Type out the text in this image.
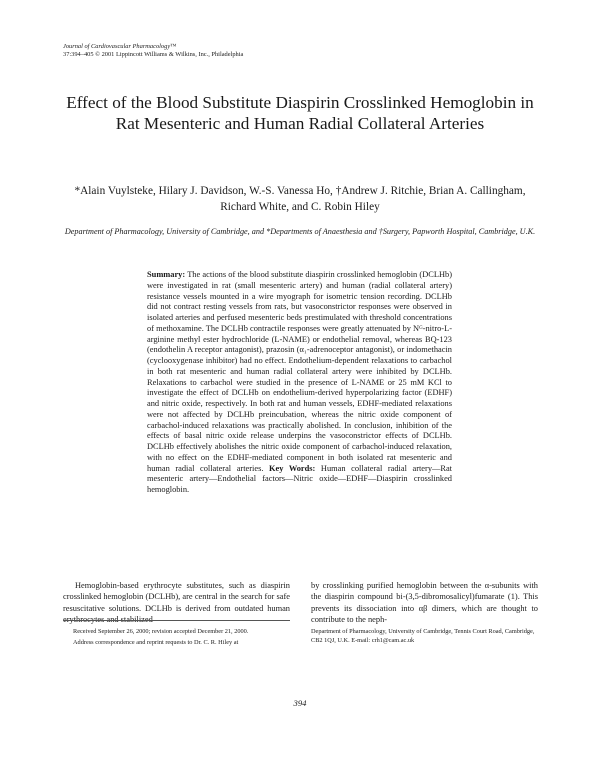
Journal of Cardiovascular Pharmacology™
37:394–405 © 2001 Lippincott Williams & Wilkins, Inc., Philadelphia
Effect of the Blood Substitute Diaspirin Crosslinked Hemoglobin in Rat Mesenteric and Human Radial Collateral Arteries
*Alain Vuylsteke, Hilary J. Davidson, W.-S. Vanessa Ho, †Andrew J. Ritchie, Brian A. Callingham, Richard White, and C. Robin Hiley
Department of Pharmacology, University of Cambridge, and *Departments of Anaesthesia and †Surgery, Papworth Hospital, Cambridge, U.K.
Summary: The actions of the blood substitute diaspirin crosslinked hemoglobin (DCLHb) were investigated in rat (small mesenteric artery) and human (radial collateral artery) resistance vessels mounted in a wire myograph for isometric tension recording. DCLHb did not contract resting vessels from rats, but vasoconstrictor responses were observed in isolated arteries and perfused mesenteric beds prestimulated with threshold concentrations of methoxamine. The DCLHb contractile responses were greatly attenuated by Nᴳ-nitro-L-arginine methyl ester hydrochloride (L-NAME) or endothelial removal, whereas BQ-123 (endothelin A receptor antagonist), prazosin (α₁-adrenoceptor antagonist), or indomethacin (cyclooxygenase inhibitor) had no effect. Endothelium-dependent relaxations to carbachol in both rat mesenteric and human radial collateral artery were inhibited by DCLHb. Relaxations to carbachol were studied in the presence of L-NAME or 25 mM KCl to investigate the effect of DCLHb on endothelium-derived hyperpolarizing factor (EDHF) and nitric oxide, respectively. In both rat and human vessels, EDHF-mediated relaxations were not affected by DCLHb preincubation, whereas the nitric oxide component of carbachol-induced relaxations was practically abolished. In conclusion, inhibition of the effects of basal nitric oxide release underpins the vasoconstrictor effects of DCLHb. DCLHb effectively abolishes the nitric oxide component of carbachol-induced relaxation, with no effect on the EDHF-mediated component in both isolated rat mesenteric and human radial collateral arteries. Key Words: Human collateral radial artery—Rat mesenteric artery—Endothelial factors—Nitric oxide—EDHF—Diaspirin crosslinked hemoglobin.
Hemoglobin-based erythrocyte substitutes, such as diaspirin crosslinked hemoglobin (DCLHb), are central in the search for safe resuscitative solutions. DCLHb is derived from outdated human erythrocytes and stabilized
by crosslinking purified hemoglobin between the α-subunits with the diaspirin compound bi-(3,5-dibromosalicyl)fumarate (1). This prevents its dissociation into αβ dimers, which are thought to contribute to the neph-

Received September 26, 2000; revision accepted December 21, 2000.

Address correspondence and reprint requests to Dr. C. R. Hiley at

Department of Pharmacology, University of Cambridge, Tennis Court Road, Cambridge, CB2 1QJ, U.K. E-mail: crh1@cam.ac.uk
394
